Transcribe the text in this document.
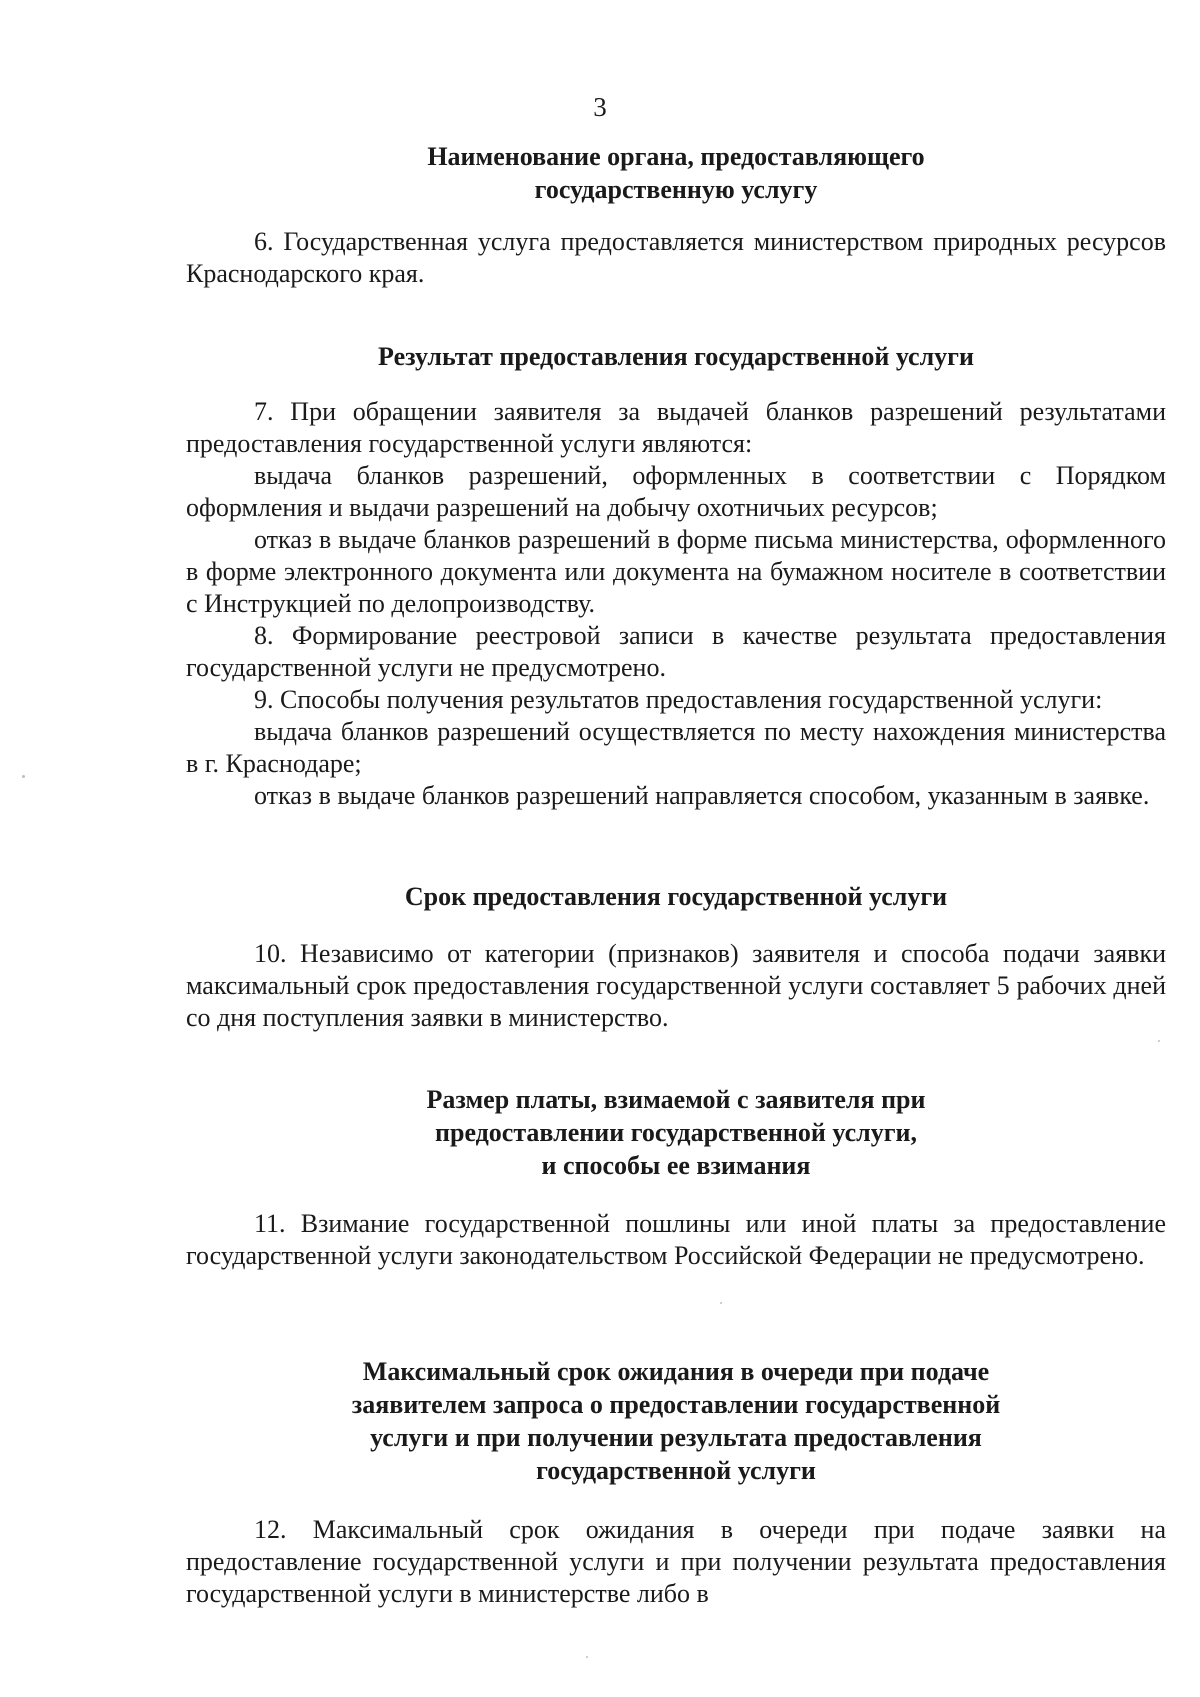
3
Наименование органа, предоставляющего
государственную услугу

6. Государственная услуга предоставляется министерством природных ресурсов Краснодарского края.

Результат предоставления государственной услуги

7. При обращении заявителя за выдачей бланков разрешений результатами предоставления государственной услуги являются:

выдача бланков разрешений, оформленных в соответствии с Порядком оформления и выдачи разрешений на добычу охотничьих ресурсов;

отказ в выдаче бланков разрешений в форме письма министерства, оформленного в форме электронного документа или документа на бумажном носителе в соответствии с Инструкцией по делопроизводству.

8. Формирование реестровой записи в качестве результата предоставления государственной услуги не предусмотрено.

9. Способы получения результатов предоставления государственной услуги:

выдача бланков разрешений осуществляется по месту нахождения министерства в г. Краснодаре;

отказ в выдаче бланков разрешений направляется способом, указанным в заявке.

Срок предоставления государственной услуги

10. Независимо от категории (признаков) заявителя и способа подачи заявки максимальный срок предоставления государственной услуги составляет 5 рабочих дней со дня поступления заявки в министерство.

Размер платы, взимаемой с заявителя при
предоставлении государственной услуги,
и способы ее взимания

11. Взимание государственной пошлины или иной платы за предоставление государственной услуги законодательством Российской Федерации не предусмотрено.

Максимальный срок ожидания в очереди при подаче
заявителем запроса о предоставлении государственной
услуги и при получении результата предоставления
государственной услуги

12. Максимальный срок ожидания в очереди при подаче заявки на предоставление государственной услуги и при получении результата предоставления государственной услуги в министерстве либо в
